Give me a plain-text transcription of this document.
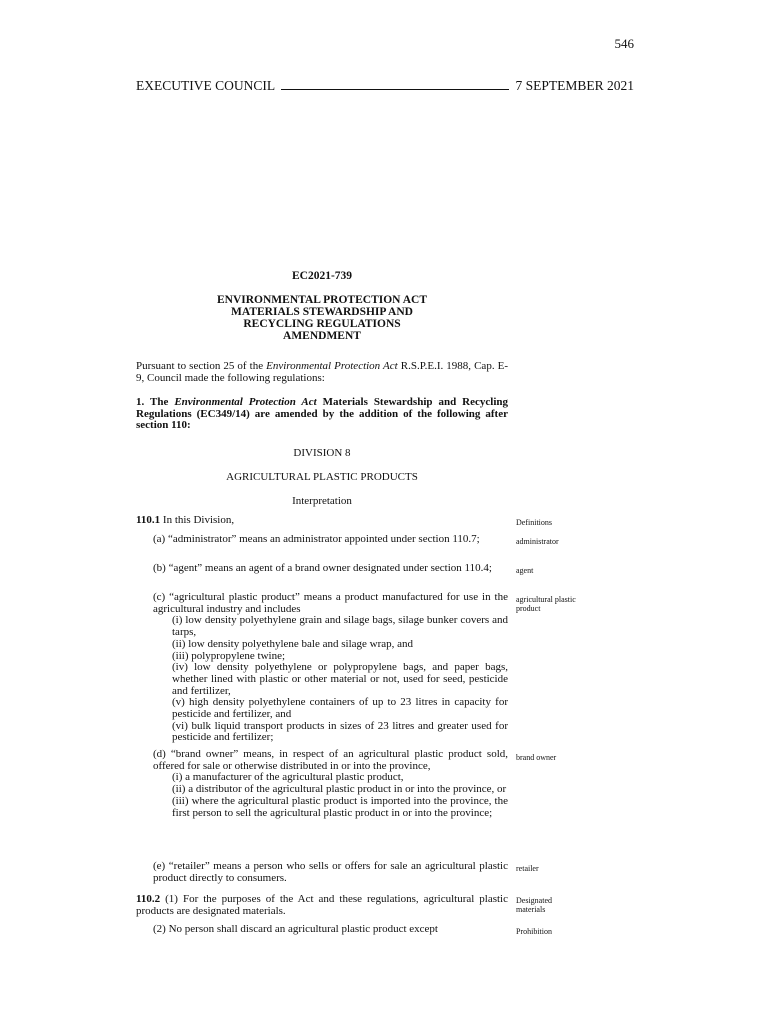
546
EXECUTIVE COUNCIL	7 SEPTEMBER 2021
EC2021-739
ENVIRONMENTAL PROTECTION ACT
MATERIALS STEWARDSHIP AND
RECYCLING REGULATIONS
AMENDMENT
Pursuant to section 25 of the Environmental Protection Act R.S.P.E.I. 1988, Cap. E-9, Council made the following regulations:
1. The Environmental Protection Act Materials Stewardship and Recycling Regulations (EC349/14) are amended by the addition of the following after section 110:
DIVISION 8
AGRICULTURAL PLASTIC PRODUCTS
Interpretation
110.1 In this Division,	Definitions
(a) “administrator” means an administrator appointed under section 110.7;	administrator
(b) “agent” means an agent of a brand owner designated under section 110.4;	agent
(c) “agricultural plastic product” means a product manufactured for use in the agricultural industry and includes
(i) low density polyethylene grain and silage bags, silage bunker covers and tarps,
(ii) low density polyethylene bale and silage wrap, and
(iii) polypropylene twine;
(iv) low density polyethylene or polypropylene bags, and paper bags, whether lined with plastic or other material or not, used for seed, pesticide and fertilizer,
(v) high density polyethylene containers of up to 23 litres in capacity for pesticide and fertilizer, and
(vi) bulk liquid transport products in sizes of 23 litres and greater used for pesticide and fertilizer;
agricultural plastic product
(d) “brand owner” means, in respect of an agricultural plastic product sold, offered for sale or otherwise distributed in or into the province,
(i) a manufacturer of the agricultural plastic product,
(ii) a distributor of the agricultural plastic product in or into the province, or
(iii) where the agricultural plastic product is imported into the province, the first person to sell the agricultural plastic product in or into the province;
brand owner
(e) “retailer” means a person who sells or offers for sale an agricultural plastic product directly to consumers.
retailer
110.2 (1) For the purposes of the Act and these regulations, agricultural plastic products are designated materials.
Designated materials
(2) No person shall discard an agricultural plastic product except	Prohibition
